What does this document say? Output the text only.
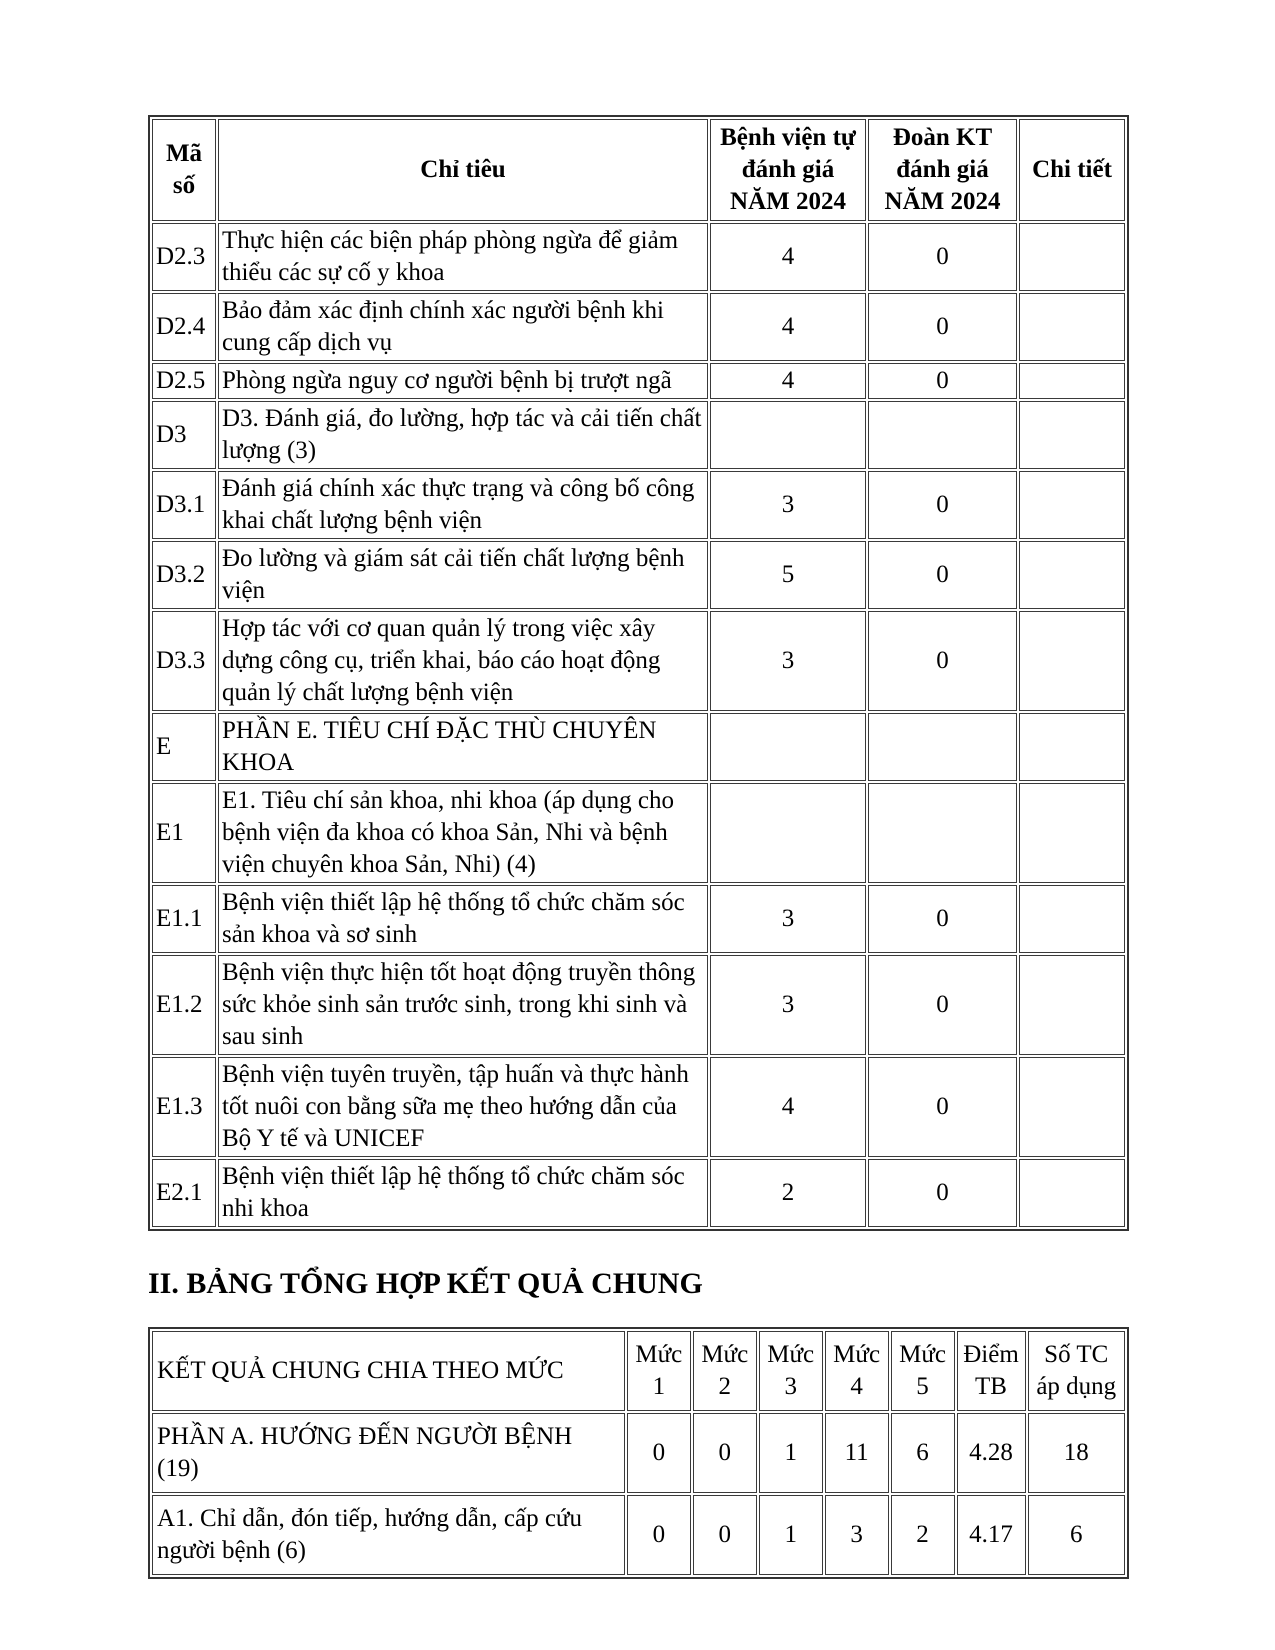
Mã số	Chỉ tiêu	Bệnh viện tự đánh giá NĂM 2024	Đoàn KT đánh giá NĂM 2024	Chi tiết
D2.3	Thực hiện các biện pháp phòng ngừa để giảm thiểu các sự cố y khoa	4	0	
D2.4	Bảo đảm xác định chính xác người bệnh khi cung cấp dịch vụ	4	0	
D2.5	Phòng ngừa nguy cơ người bệnh bị trượt ngã	4	0	
D3	D3. Đánh giá, đo lường, hợp tác và cải tiến chất lượng (3)			
D3.1	Đánh giá chính xác thực trạng và công bố công khai chất lượng bệnh viện	3	0	
D3.2	Đo lường và giám sát cải tiến chất lượng bệnh viện	5	0	
D3.3	Hợp tác với cơ quan quản lý trong việc xây dựng công cụ, triển khai, báo cáo hoạt động quản lý chất lượng bệnh viện	3	0	
E	PHẦN E. TIÊU CHÍ ĐẶC THÙ CHUYÊN KHOA			
E1	E1. Tiêu chí sản khoa, nhi khoa (áp dụng cho bệnh viện đa khoa có khoa Sản, Nhi và bệnh viện chuyên khoa Sản, Nhi) (4)			
E1.1	Bệnh viện thiết lập hệ thống tổ chức chăm sóc sản khoa và sơ sinh	3	0	
E1.2	Bệnh viện thực hiện tốt hoạt động truyền thông sức khỏe sinh sản trước sinh, trong khi sinh và sau sinh	3	0	
E1.3	Bệnh viện tuyên truyền, tập huấn và thực hành tốt nuôi con bằng sữa mẹ theo hướng dẫn của Bộ Y tế và UNICEF	4	0	
E2.1	Bệnh viện thiết lập hệ thống tổ chức chăm sóc nhi khoa	2	0	
II. BẢNG TỔNG HỢP KẾT QUẢ CHUNG
KẾT QUẢ CHUNG CHIA THEO MỨC	Mức 1	Mức 2	Mức 3	Mức 4	Mức 5	Điểm TB	Số TC áp dụng
PHẦN A. HƯỚNG ĐẾN NGƯỜI BỆNH (19)	0	0	1	11	6	4.28	18
A1. Chỉ dẫn, đón tiếp, hướng dẫn, cấp cứu người bệnh (6)	0	0	1	3	2	4.17	6
